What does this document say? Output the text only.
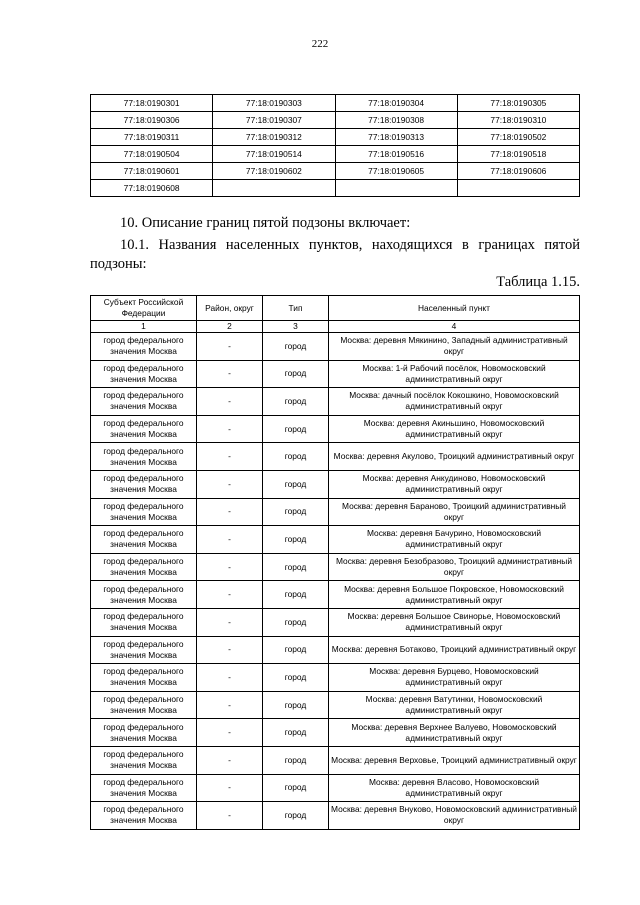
222
77:18:0190301	77:18:0190303	77:18:0190304	77:18:0190305
77:18:0190306	77:18:0190307	77:18:0190308	77:18:0190310
77:18:0190311	77:18:0190312	77:18:0190313	77:18:0190502
77:18:0190504	77:18:0190514	77:18:0190516	77:18:0190518
77:18:0190601	77:18:0190602	77:18:0190605	77:18:0190606
77:18:0190608			
10. Описание границ пятой подзоны включает:
10.1. Названия населенных пунктов, находящихся в границах пятой подзоны:
Таблица 1.15.
Субъект Российской Федерации	Район, округ	Тип	Населенный пункт
1	2	3	4
город федерального значения Москва	-	город	Москва: деревня Мякинино, Западный административный округ
город федерального значения Москва	-	город	Москва: 1-й Рабочий посёлок, Новомосковский административный округ
город федерального значения Москва	-	город	Москва: дачный посёлок Кокошкино, Новомосковский административный округ
город федерального значения Москва	-	город	Москва: деревня Акиньшино, Новомосковский административный округ
город федерального значения Москва	-	город	Москва: деревня Акулово, Троицкий административный округ
город федерального значения Москва	-	город	Москва: деревня Анкудиново, Новомосковский административный округ
город федерального значения Москва	-	город	Москва: деревня Бараново, Троицкий административный округ
город федерального значения Москва	-	город	Москва: деревня Бачурино, Новомосковский административный округ
город федерального значения Москва	-	город	Москва: деревня Безобразово, Троицкий административный округ
город федерального значения Москва	-	город	Москва: деревня Большое Покровское, Новомосковский административный округ
город федерального значения Москва	-	город	Москва: деревня Большое Свинорье, Новомосковский административный округ
город федерального значения Москва	-	город	Москва: деревня Ботаково, Троицкий административный округ
город федерального значения Москва	-	город	Москва: деревня Бурцево, Новомосковский административный округ
город федерального значения Москва	-	город	Москва: деревня Ватутинки, Новомосковский административный округ
город федерального значения Москва	-	город	Москва: деревня Верхнее Валуево, Новомосковский административный округ
город федерального значения Москва	-	город	Москва: деревня Верховье, Троицкий административный округ
город федерального значения Москва	-	город	Москва: деревня Власово, Новомосковский административный округ
город федерального значения Москва	-	город	Москва: деревня Внуково, Новомосковский административный округ
